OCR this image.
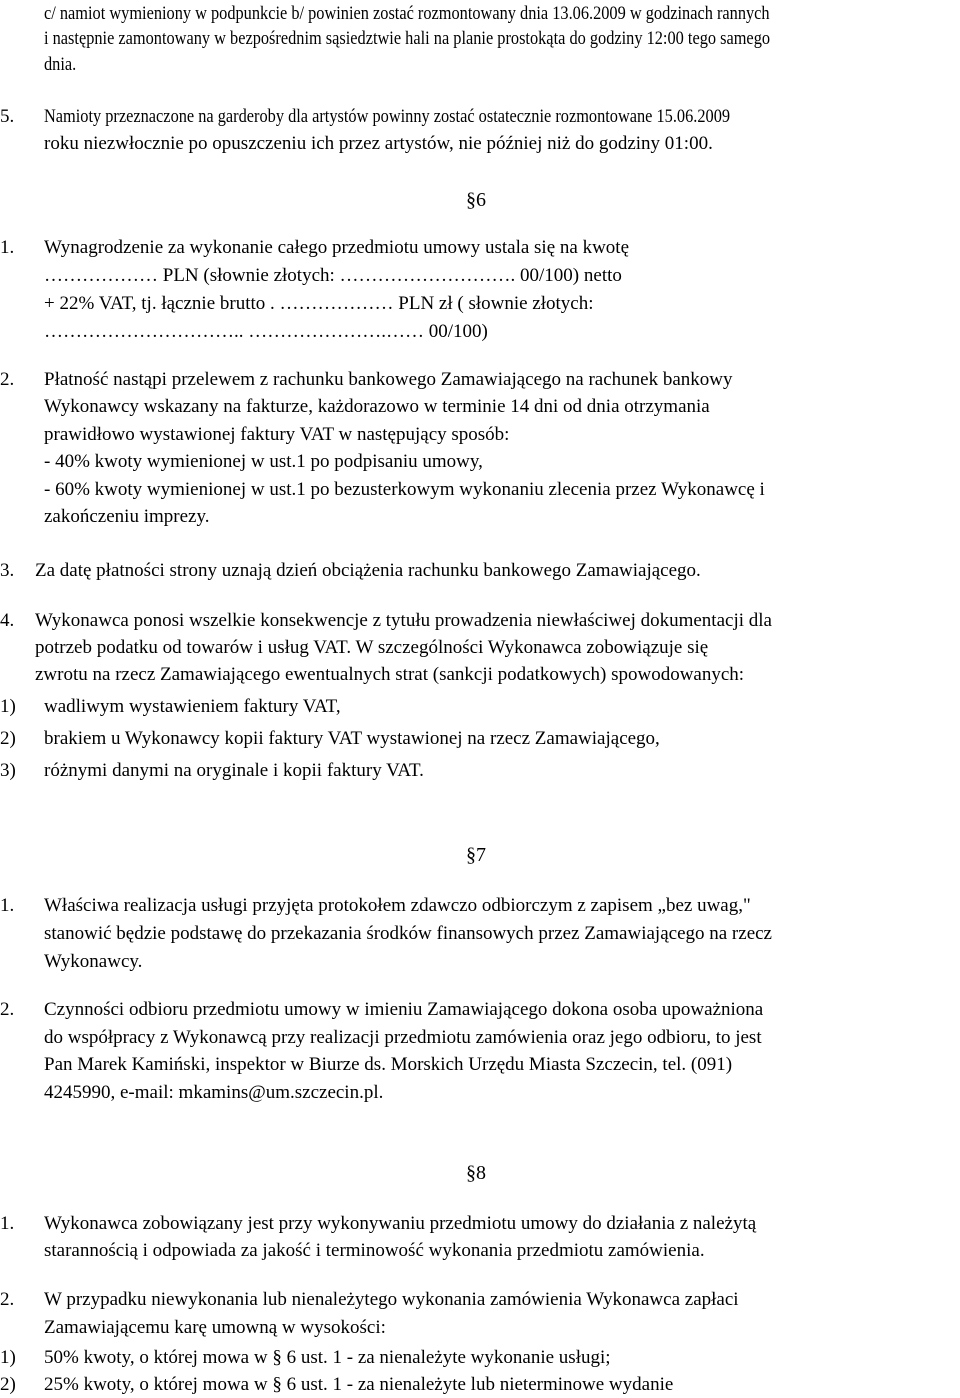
c/ namiot wymieniony w podpunkcie b/ powinien zostać rozmontowany dnia 13.06.2009 w godzinach rannych
i następnie zamontowany w bezpośrednim sąsiedztwie hali na planie prostokąta do godziny 12:00 tego samego
dnia.
5. Namioty przeznaczone na garderoby dla artystów powinny zostać ostatecznie rozmontowane 15.06.2009
roku niezwłocznie po opuszczeniu ich przez artystów, nie później niż do godziny 01:00.
§6
1. Wynagrodzenie za wykonanie całego przedmiotu umowy ustala się na kwotę
……………… PLN (słownie złotych: ………………………. 00/100) netto
+ 22% VAT, tj. łącznie brutto . ……………… PLN zł ( słownie złotych:
………………………….. ………………….…… 00/100)
2. Płatność nastąpi przelewem z rachunku bankowego Zamawiającego na rachunek bankowy
Wykonawcy wskazany na fakturze, każdorazowo w terminie 14 dni od dnia otrzymania
prawidłowo wystawionej faktury VAT w następujący sposób:
- 40% kwoty wymienionej w ust.1 po podpisaniu umowy,
- 60% kwoty wymienionej w ust.1 po bezusterkowym wykonaniu zlecenia przez Wykonawcę i
zakończeniu imprezy.
3. Za datę płatności strony uznają dzień obciążenia rachunku bankowego Zamawiającego.
4. Wykonawca ponosi wszelkie konsekwencje z tytułu prowadzenia niewłaściwej dokumentacji dla
potrzeb podatku od towarów i usług VAT. W szczególności Wykonawca zobowiązuje się
zwrotu na rzecz Zamawiającego ewentualnych strat (sankcji podatkowych) spowodowanych:
1) wadliwym wystawieniem faktury VAT,
2) brakiem u Wykonawcy kopii faktury VAT wystawionej na rzecz Zamawiającego,
3) różnymi danymi na oryginale i kopii faktury VAT.
§7
1. Właściwa realizacja usługi przyjęta protokołem zdawczo odbiorczym z zapisem „bez uwag,"
stanowić będzie podstawę do przekazania środków finansowych przez Zamawiającego na rzecz
Wykonawcy.
2. Czynności odbioru przedmiotu umowy w imieniu Zamawiającego dokona osoba upoważniona
do współpracy z Wykonawcą przy realizacji przedmiotu zamówienia oraz jego odbioru, to jest
Pan Marek Kamiński, inspektor w Biurze ds. Morskich Urzędu Miasta Szczecin, tel. (091)
4245990, e-mail: mkamins@um.szczecin.pl.
§8
1. Wykonawca zobowiązany jest przy wykonywaniu przedmiotu umowy do działania z należytą
starannością i odpowiada za jakość i terminowość wykonania przedmiotu zamówienia.
2. W przypadku niewykonania lub nienależytego wykonania zamówienia Wykonawca zapłaci
Zamawiającemu karę umowną w wysokości:
1) 50% kwoty, o której mowa w § 6 ust. 1 - za nienależyte wykonanie usługi;
2) 25% kwoty, o której mowa w § 6 ust. 1 - za nienależyte lub nieterminowe wydanie
